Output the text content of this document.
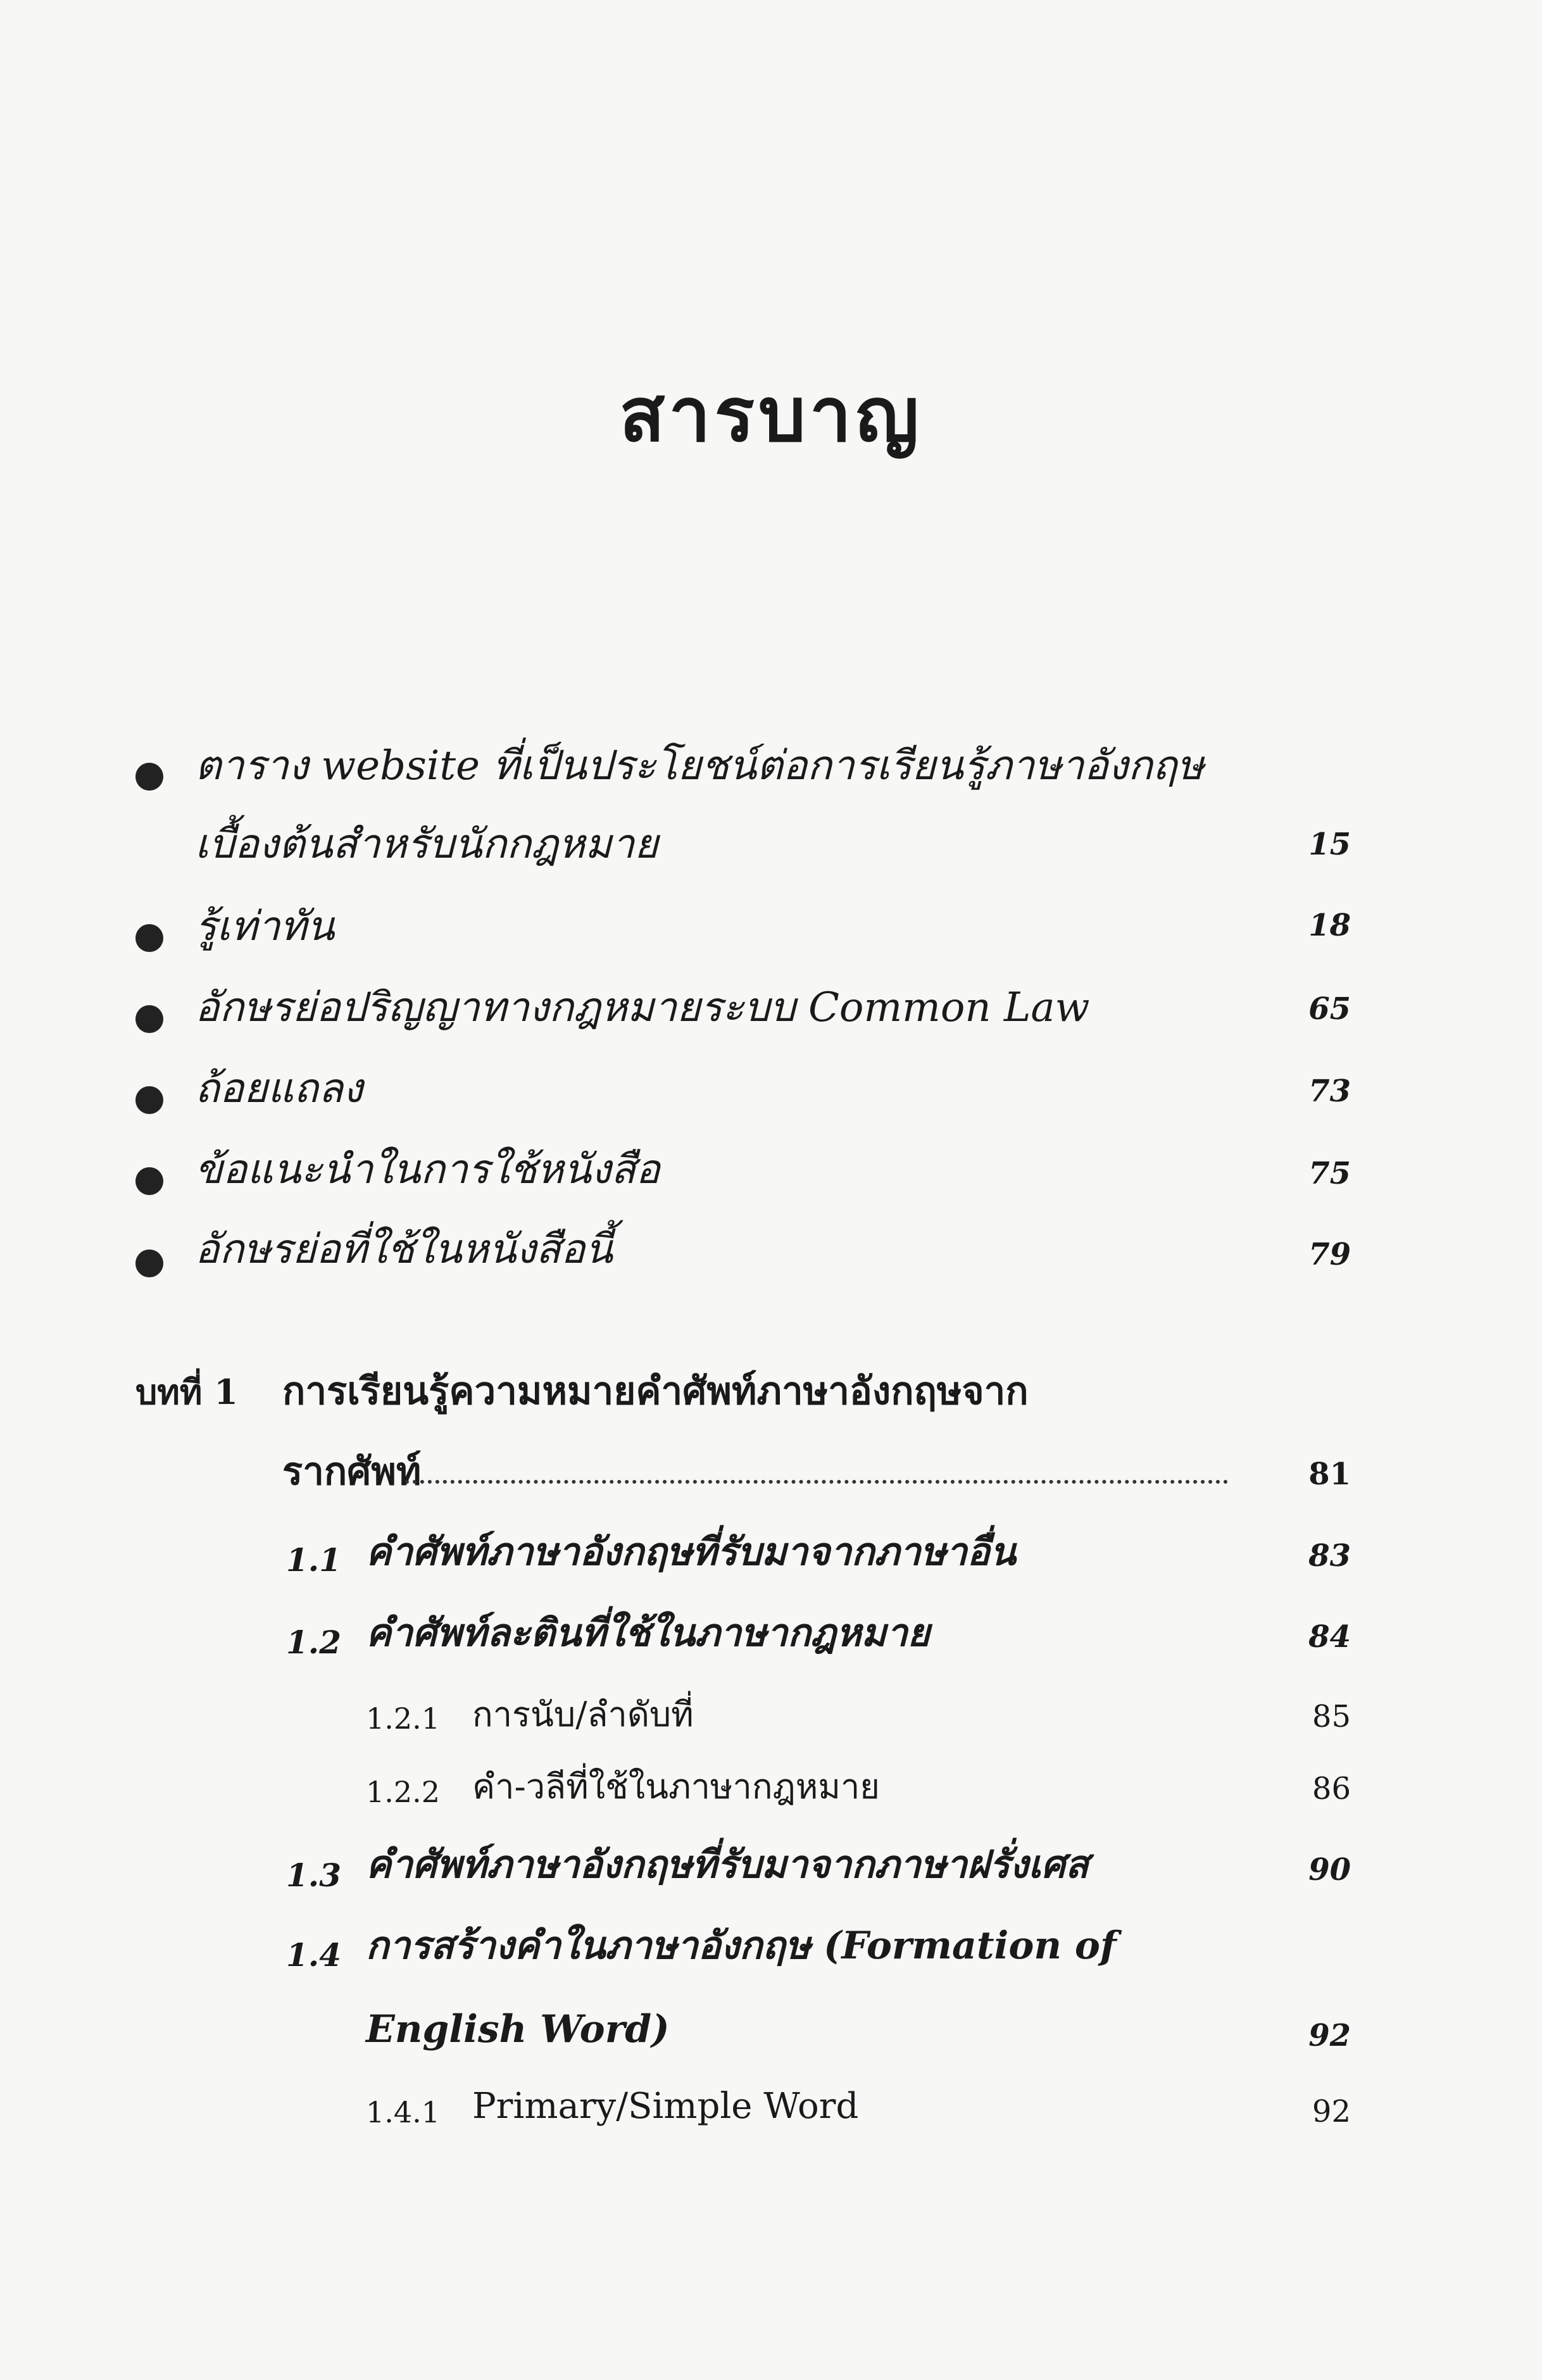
สารบาญ
ตาราง website ที่เป็นประโยชน์ต่อการเรียนรู้ภาษาอังกฤษ
เบื้องต้นสำหรับนักกฎหมาย	15
รู้เท่าทัน	18
อักษรย่อปริญญาทางกฎหมายระบบ Common Law	65
ถ้อยแถลง	73
ข้อแนะนำในการใช้หนังสือ	75
อักษรย่อที่ใช้ในหนังสือนี้	79
บทที่ 1 การเรียนรู้ความหมายคำศัพท์ภาษาอังกฤษจาก
รากศัพท์	81
1.1 คำศัพท์ภาษาอังกฤษที่รับมาจากภาษาอื่น	83
1.2 คำศัพท์ละตินที่ใช้ในภาษากฎหมาย	84
1.2.1 การนับ/ลำดับที่	85
1.2.2 คำ-วลีที่ใช้ในภาษากฎหมาย	86
1.3 คำศัพท์ภาษาอังกฤษที่รับมาจากภาษาฝรั่งเศส	90
1.4 การสร้างคำในภาษาอังกฤษ (Formation of
English Word)	92
1.4.1 Primary/Simple Word	92
